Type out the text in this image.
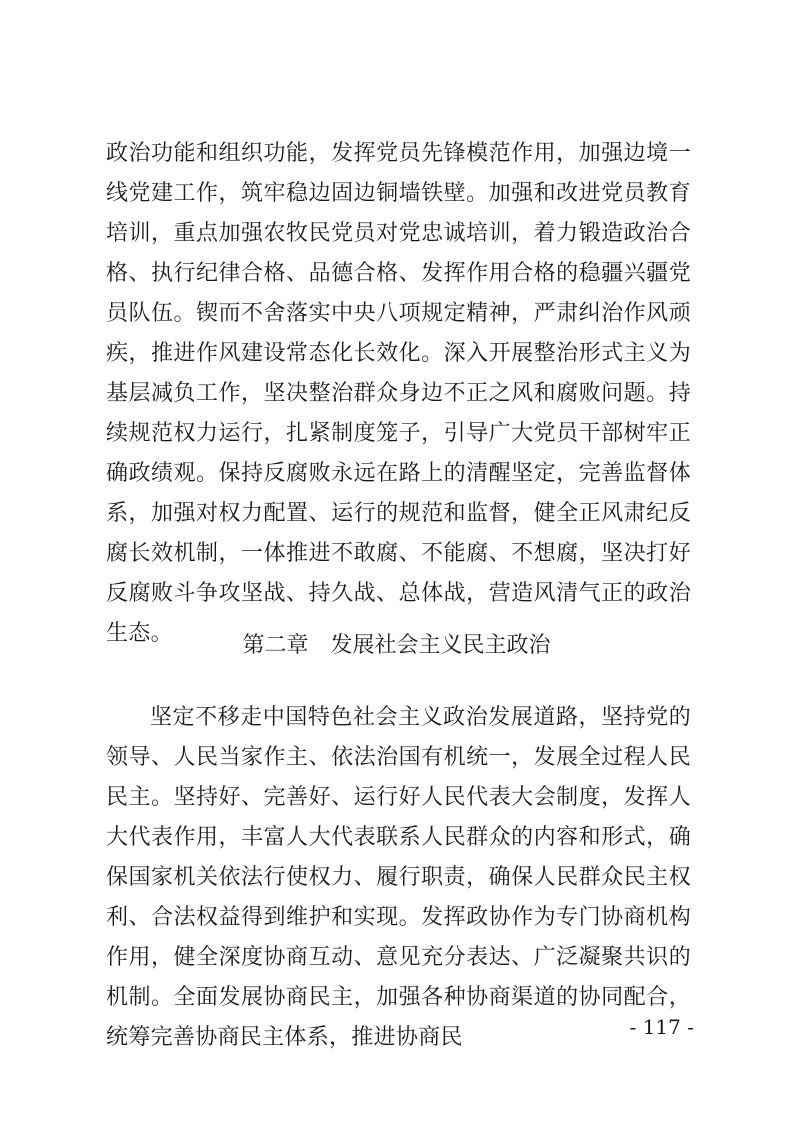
政治功能和组织功能，发挥党员先锋模范作用，加强边境一线党建工作，筑牢稳边固边铜墙铁壁。加强和改进党员教育培训，重点加强农牧民党员对党忠诚培训，着力锻造政治合格、执行纪律合格、品德合格、发挥作用合格的稳疆兴疆党员队伍。锲而不舍落实中央八项规定精神，严肃纠治作风顽疾，推进作风建设常态化长效化。深入开展整治形式主义为基层减负工作，坚决整治群众身边不正之风和腐败问题。持续规范权力运行，扎紧制度笼子，引导广大党员干部树牢正确政绩观。保持反腐败永远在路上的清醒坚定，完善监督体系，加强对权力配置、运行的规范和监督，健全正风肃纪反腐长效机制，一体推进不敢腐、不能腐、不想腐，坚决打好反腐败斗争攻坚战、持久战、总体战，营造风清气正的政治生态。	第二章 发展社会主义民主政治

坚定不移走中国特色社会主义政治发展道路，坚持党的领导、人民当家作主、依法治国有机统一，发展全过程人民民主。坚持好、完善好、运行好人民代表大会制度，发挥人大代表作用，丰富人大代表联系人民群众的内容和形式，确保国家机关依法行使权力、履行职责，确保人民群众民主权利、合法权益得到维护和实现。发挥政协作为专门协商机构作用，健全深度协商互动、意见充分表达、广泛凝聚共识的机制。全面发展协商民主，加强各种协商渠道的协同配合，统筹完善协商民主体系，推进协商民	- 117 -
